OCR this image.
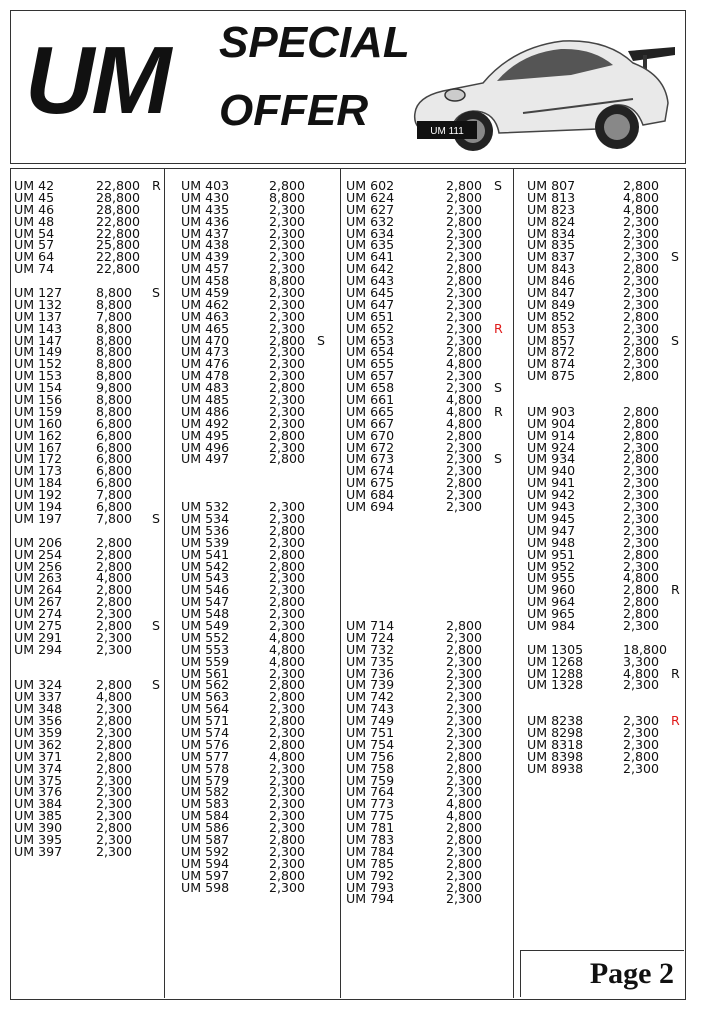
UM SPECIAL
OFFER	UM 111
UM 42	22,800 R
UM 45	28,800
UM 46	28,800
UM 48	22,800
UM 54	22,800
UM 57	25,800
UM 64	22,800
UM 74	22,800
UM 127	8,800 S
UM 132	8,800
UM 137	7,800
UM 143	8,800
UM 147	8,800
UM 149	8,800
UM 152	8,800
UM 153	8,800
UM 154	9,800
UM 156	8,800
UM 159	8,800
UM 160	6,800
UM 162	6,800
UM 167	6,800
UM 172	6,800
UM 173	6,800
UM 184	6,800
UM 192	7,800
UM 194	6,800
UM 197	7,800 S
UM 206	2,800
UM 254	2,800
UM 256	2,800
UM 263	4,800
UM 264	2,800
UM 267	2,800
UM 274	2,300
UM 275	2,800 S
UM 291	2,300
UM 294	2,300
UM 324	2,800 S
UM 337	4,800
UM 348	2,300
UM 356	2,800
UM 359	2,300
UM 362	2,800
UM 371	2,800
UM 374	2,800
UM 375	2,300
UM 376	2,300
UM 384	2,300
UM 385	2,300
UM 390	2,800
UM 395	2,300
UM 397	2,300
UM 403	2,800
UM 430	8,800
UM 435	2,300
UM 436	2,300
UM 437	2,300
UM 438	2,300
UM 439	2,300
UM 457	2,300
UM 458	8,800
UM 459	2,300
UM 462	2,300
UM 463	2,300
UM 465	2,300
UM 470	2,800 S
UM 473	2,300
UM 476	2,300
UM 478	2,300
UM 483	2,800
UM 485	2,300
UM 486	2,300
UM 492	2,300
UM 495	2,800
UM 496	2,300
UM 497	2,800
UM 532	2,300
UM 534	2,300
UM 536	2,800
UM 539	2,300
UM 541	2,800
UM 542	2,800
UM 543	2,300
UM 546	2,300
UM 547	2,800
UM 548	2,300
UM 549	2,300
UM 552	4,800
UM 553	4,800
UM 559	4,800
UM 561	2,300
UM 562	2,800
UM 563	2,800
UM 564	2,300
UM 571	2,800
UM 574	2,300
UM 576	2,800
UM 577	4,800
UM 578	2,300
UM 579	2,300
UM 582	2,300
UM 583	2,300
UM 584	2,300
UM 586	2,300
UM 587	2,800
UM 592	2,300
UM 594	2,300
UM 597	2,800
UM 598	2,300
UM 602	2,800 S
UM 624	2,800
UM 627	2,300
UM 632	2,800
UM 634	2,300
UM 635	2,300
UM 641	2,300
UM 642	2,800
UM 643	2,800
UM 645	2,300
UM 647	2,300
UM 651	2,300
UM 652	2,300 R
UM 653	2,300
UM 654	2,800
UM 655	4,800
UM 657	2,300
UM 658	2,300 S
UM 661	4,800
UM 665	4,800 R
UM 667	4,800
UM 670	2,800
UM 672	2,300
UM 673	2,300 S
UM 674	2,300
UM 675	2,800
UM 684	2,300
UM 694	2,300
UM 714	2,800
UM 724	2,300
UM 732	2,800
UM 735	2,300
UM 736	2,300
UM 739	2,300
UM 742	2,300
UM 743	2,300
UM 749	2,300
UM 751	2,300
UM 754	2,300
UM 756	2,800
UM 758	2,800
UM 759	2,300
UM 764	2,300
UM 773	4,800
UM 775	4,800
UM 781	2,800
UM 783	2,800
UM 784	2,300
UM 785	2,800
UM 792	2,300
UM 793	2,800
UM 794	2,300
UM 807	2,800
UM 813	4,800
UM 823	4,800
UM 824	2,300
UM 834	2,300
UM 835	2,300
UM 837	2,300 S
UM 843	2,800
UM 846	2,300
UM 847	2,300
UM 849	2,300
UM 852	2,800
UM 853	2,300
UM 857	2,300 S
UM 872	2,800
UM 874	2,300
UM 875	2,800
UM 903	2,800
UM 904	2,800
UM 914	2,800
UM 924	2,300
UM 934	2,800
UM 940	2,300
UM 941	2,300
UM 942	2,300
UM 943	2,300
UM 945	2,300
UM 947	2,300
UM 948	2,300
UM 951	2,800
UM 952	2,300
UM 955	4,800
UM 960	2,800 R
UM 964	2,800
UM 965	2,800
UM 984	2,300
UM 1305	18,800
UM 1268	3,300
UM 1288	4,800 R
UM 1328	2,300
UM 8238	2,300 R
UM 8298	2,300
UM 8318	2,300
UM 8398	2,800
UM 8938	2,300
Page 2
